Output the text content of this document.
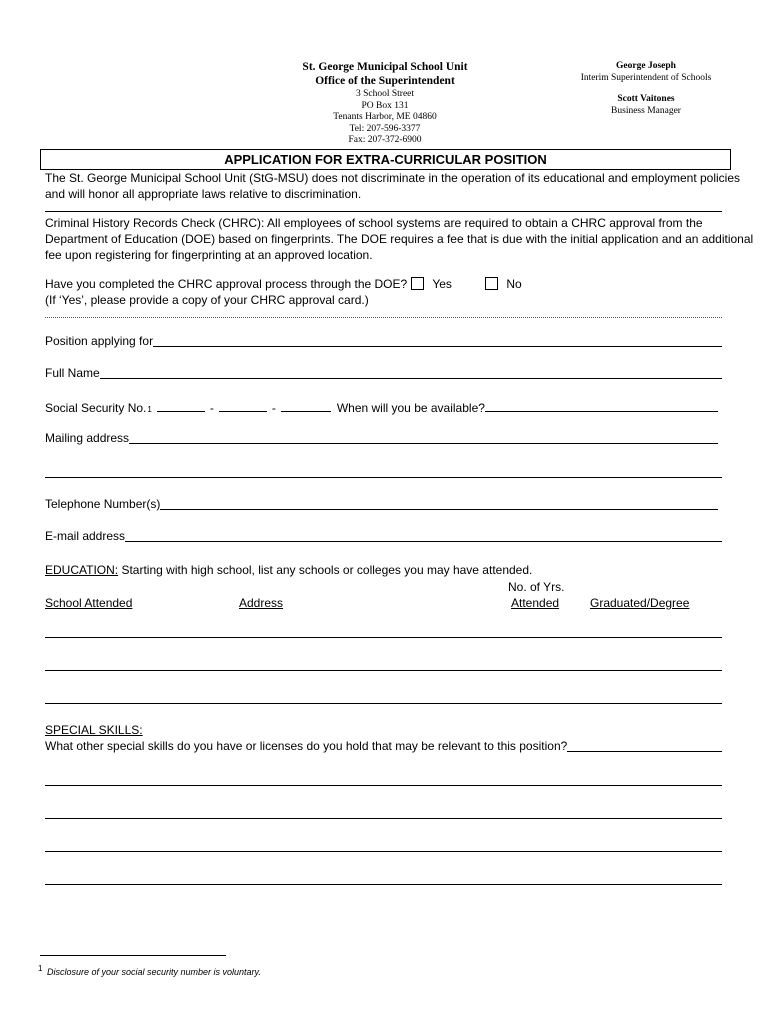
St. George Municipal School Unit
Office of the Superintendent
3 School Street
PO Box 131
Tenants Harbor, ME 04860
Tel: 207-596-3377
Fax: 207-372-6900
George Joseph
Interim Superintendent of Schools
Scott Vaitones
Business Manager
APPLICATION FOR EXTRA-CURRICULAR POSITION
The St. George Municipal School Unit (StG-MSU) does not discriminate in the operation of its educational and employment policies
and will honor all appropriate laws relative to discrimination.
Criminal History Records Check (CHRC): All employees of school systems are required to obtain a CHRC approval from the
Department of Education (DOE) based on fingerprints. The DOE requires a fee that is due with the initial application and an additional
fee upon registering for fingerprinting at an approved location.
Have you completed the CHRC approval process through the DOE?	Yes	No
(If ‘Yes’, please provide a copy of your CHRC approval card.)
Position applying for
Full Name
Social Security No. 1	-	-	When will you be available?
Mailing address
Telephone Number(s)
E-mail address
EDUCATION: Starting with high school, list any schools or colleges you may have attended.
No. of Yrs.
School Attended	Address	Attended	Graduated/Degree
SPECIAL SKILLS:
What other special skills do you have or licenses do you hold that may be relevant to this position?
$^1$ Disclosure of your social security number is voluntary.
